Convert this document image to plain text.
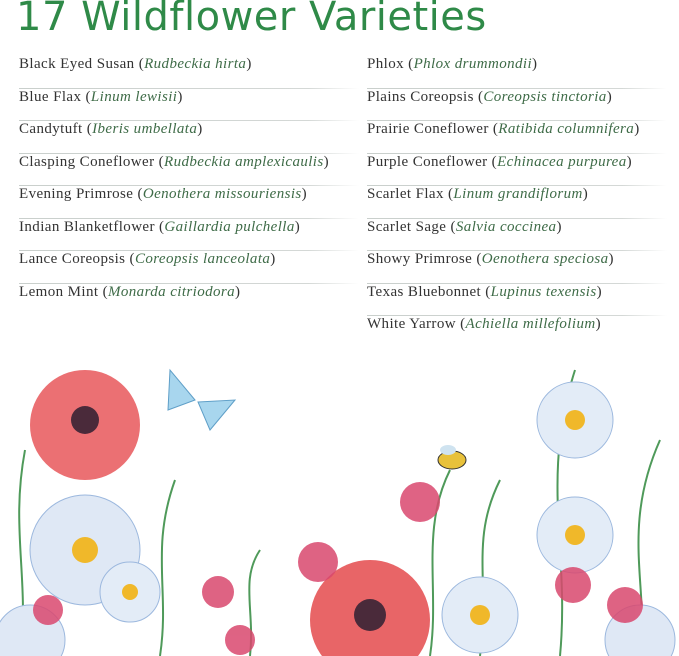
17 Wildflower Varieties
Black Eyed Susan (Rudbeckia hirta)
Blue Flax (Linum lewisii)
Candytuft (Iberis umbellata)
Clasping Coneflower (Rudbeckia amplexicaulis)
Evening Primrose (Oenothera missouriensis)
Indian Blanketflower (Gaillardia pulchella)
Lance Coreopsis (Coreopsis lanceolata)
Lemon Mint (Monarda citriodora)
Phlox (Phlox drummondii)
Plains Coreopsis (Coreopsis tinctoria)
Prairie Coneflower (Ratibida columnifera)
Purple Coneflower (Echinacea purpurea)
Scarlet Flax (Linum grandiflorum)
Scarlet Sage (Salvia coccinea)
Showy Primrose (Oenothera speciosa)
Texas Bluebonnet (Lupinus texensis)
White Yarrow (Achiella millefolium)
